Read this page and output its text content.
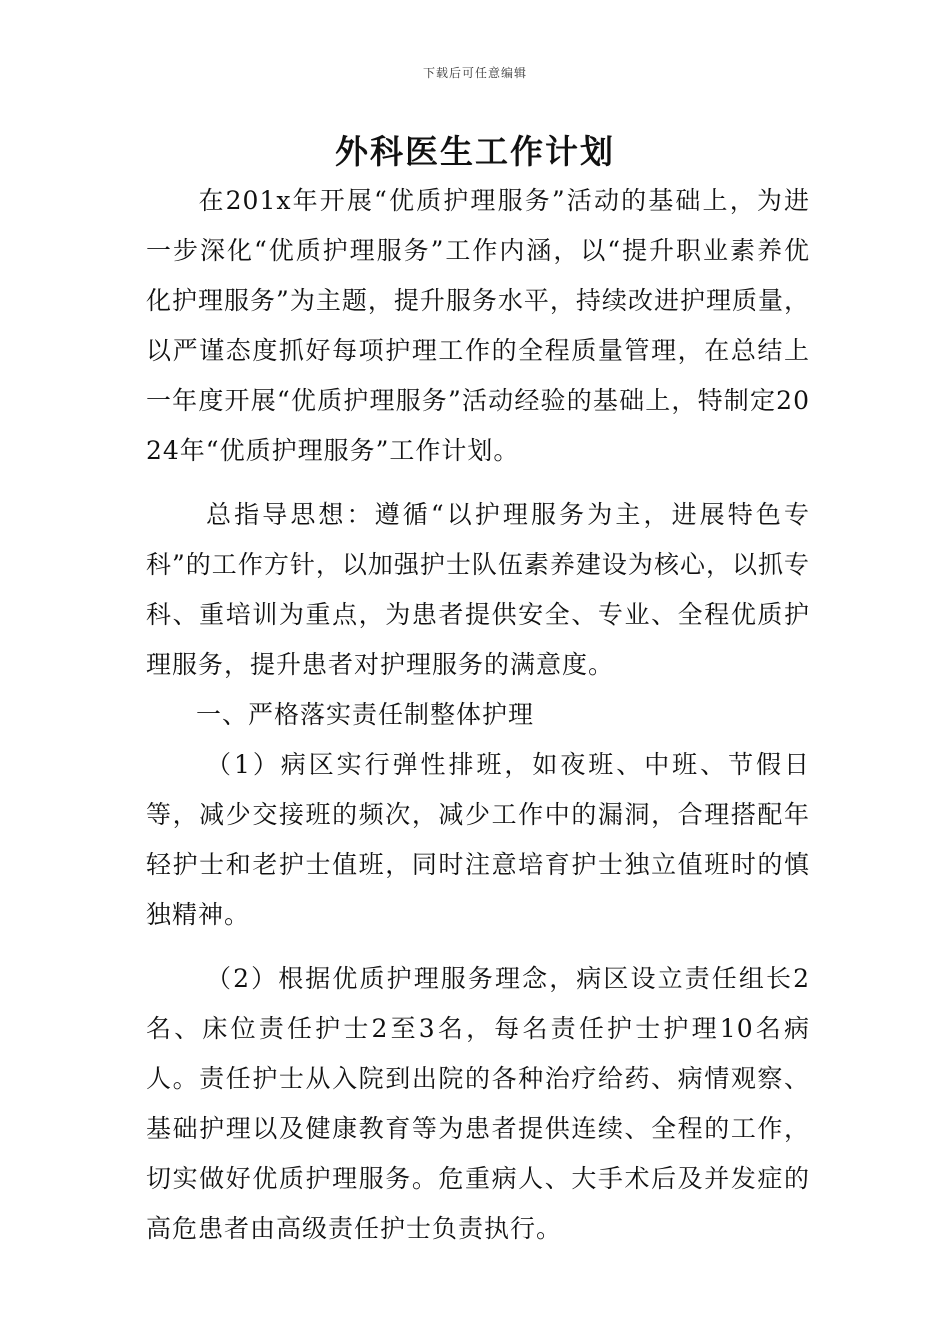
下载后可任意编辑
外科医生工作计划

在201x年开展“优质护理服务”活动的基础上，为进一步深化“优质护理服务”工作内涵，以“提升职业素养优化护理服务”为主题，提升服务水平，持续改进护理质量，以严谨态度抓好每项护理工作的全程质量管理，在总结上一年度开展“优质护理服务”活动经验的基础上，特制定2024年“优质护理服务”工作计划。

总指导思想：遵循“以护理服务为主，进展特色专科”的工作方针，以加强护士队伍素养建设为核心，以抓专科、重培训为重点，为患者提供安全、专业、全程优质护理服务，提升患者对护理服务的满意度。

一、严格落实责任制整体护理

（1）病区实行弹性排班，如夜班、中班、节假日等，减少交接班的频次，减少工作中的漏洞，合理搭配年轻护士和老护士值班，同时注意培育护士独立值班时的慎独精神。

（2）根据优质护理服务理念，病区设立责任组长2名、床位责任护士2至3名，每名责任护士护理10名病人。责任护士从入院到出院的各种治疗给药、病情观察、基础护理以及健康教育等为患者提供连续、全程的工作，切实做好优质护理服务。危重病人、大手术后及并发症的高危患者由高级责任护士负责执行。
